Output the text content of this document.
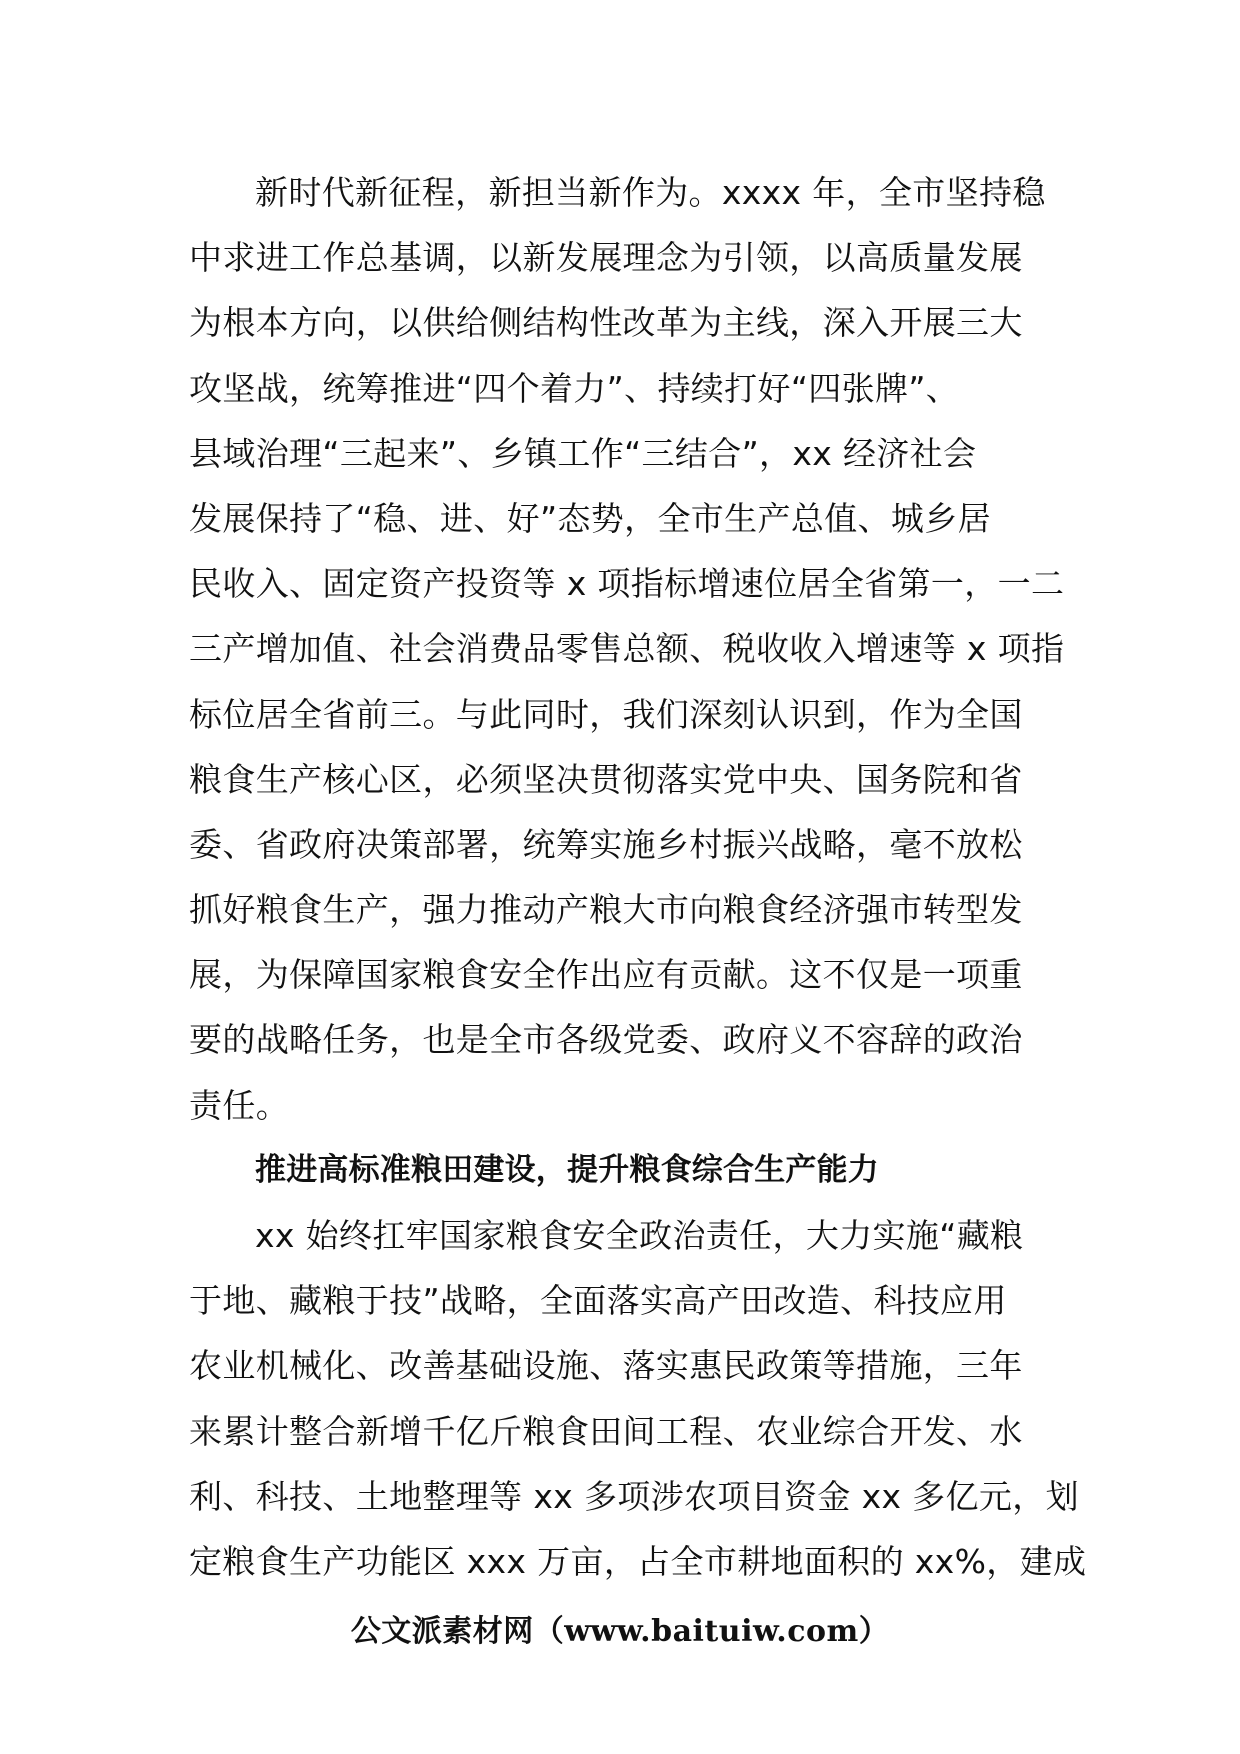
新时代新征程，新担当新作为。xxxx 年，全市坚持稳
中求进工作总基调，以新发展理念为引领，以高质量发展
为根本方向，以供给侧结构性改革为主线，深入开展三大
攻坚战，统筹推进“四个着力”、持续打好“四张牌”、
县域治理“三起来”、乡镇工作“三结合”，xx 经济社会
发展保持了“稳、进、好”态势，全市生产总值、城乡居
民收入、固定资产投资等 x 项指标增速位居全省第一，一二
三产增加值、社会消费品零售总额、税收收入增速等 x 项指
标位居全省前三。与此同时，我们深刻认识到，作为全国
粮食生产核心区，必须坚决贯彻落实党中央、国务院和省
委、省政府决策部署，统筹实施乡村振兴战略，毫不放松
抓好粮食生产，强力推动产粮大市向粮食经济强市转型发
展，为保障国家粮食安全作出应有贡献。这不仅是一项重
要的战略任务，也是全市各级党委、政府义不容辞的政治
责任。
推进高标准粮田建设，提升粮食综合生产能力
xx 始终扛牢国家粮食安全政治责任，大力实施“藏粮
于地、藏粮于技”战略，全面落实高产田改造、科技应用
农业机械化、改善基础设施、落实惠民政策等措施，三年
来累计整合新增千亿斤粮食田间工程、农业综合开发、水
利、科技、土地整理等 xx 多项涉农项目资金 xx 多亿元，划
定粮食生产功能区 xxx 万亩，占全市耕地面积的 xx%，建成
公文派素材网（www.baituiw.com）
